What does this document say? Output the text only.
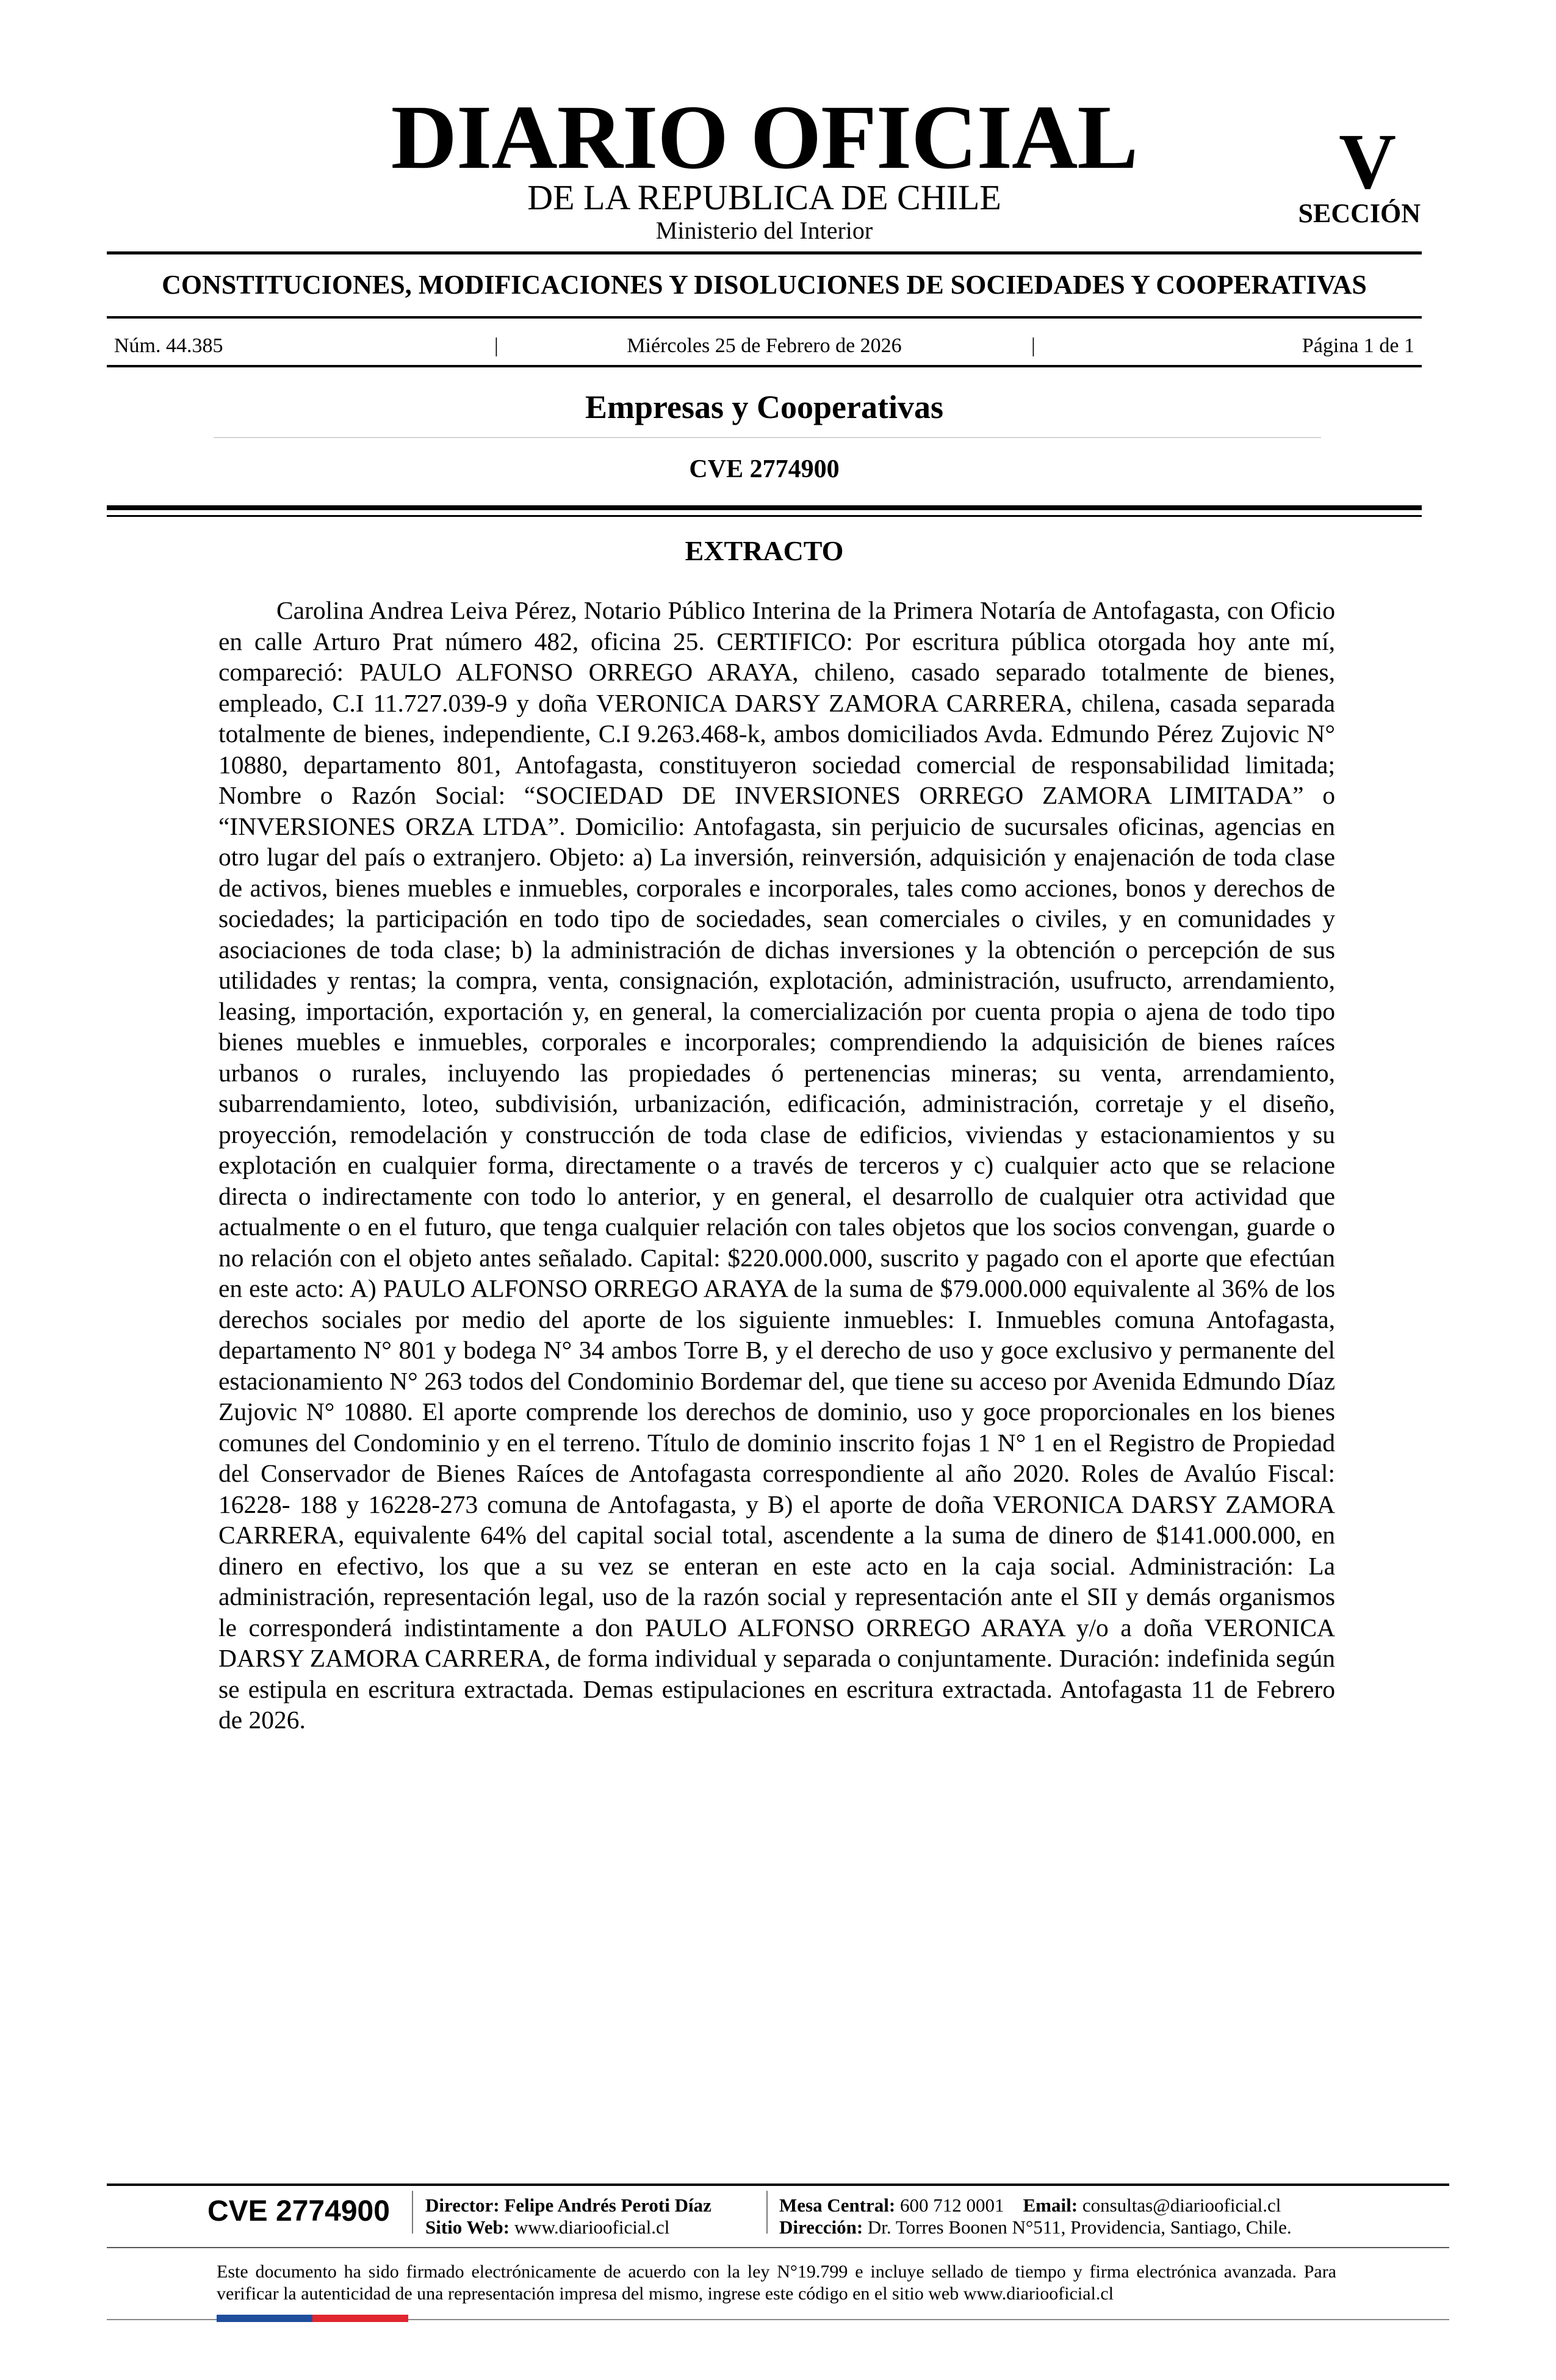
DIARIO OFICIAL
DE LA REPUBLICA DE CHILE
Ministerio del Interior
V
SECCIÓN
CONSTITUCIONES, MODIFICACIONES Y DISOLUCIONES DE SOCIEDADES Y COOPERATIVAS
Núm. 44.385	|	Miércoles 25 de Febrero de 2026	|	Página 1 de 1
Empresas y Cooperativas
CVE 2774900
EXTRACTO

Carolina Andrea Leiva Pérez, Notario Público Interina de la Primera Notaría de Antofagasta, con Oficio en calle Arturo Prat número 482, oficina 25. CERTIFICO: Por escritura pública otorgada hoy ante mí, compareció: PAULO ALFONSO ORREGO ARAYA, chileno, casado separado totalmente de bienes, empleado, C.I 11.727.039-9 y doña VERONICA DARSY ZAMORA CARRERA, chilena, casada separada totalmente de bienes, independiente, C.I 9.263.468-k, ambos domiciliados Avda. Edmundo Pérez Zujovic N° 10880, departamento 801, Antofagasta, constituyeron sociedad comercial de responsabilidad limitada; Nombre o Razón Social: “SOCIEDAD DE INVERSIONES ORREGO ZAMORA LIMITADA” o “INVERSIONES ORZA LTDA”. Domicilio: Antofagasta, sin perjuicio de sucursales oficinas, agencias en otro lugar del país o extranjero. Objeto: a) La inversión, reinversión, adquisición y enajenación de toda clase de activos, bienes muebles e inmuebles, corporales e incorporales, tales como acciones, bonos y derechos de sociedades; la participación en todo tipo de sociedades, sean comerciales o civiles, y en comunidades y asociaciones de toda clase; b) la administración de dichas inversiones y la obtención o percepción de sus utilidades y rentas; la compra, venta, consignación, explotación, administración, usufructo, arrendamiento, leasing, importación, exportación y, en general, la comercialización por cuenta propia o ajena de todo tipo bienes muebles e inmuebles, corporales e incorporales; comprendiendo la adquisición de bienes raíces urbanos o rurales, incluyendo las propiedades ó pertenencias mineras; su venta, arrendamiento, subarrendamiento, loteo, subdivisión, urbanización, edificación, administración, corretaje y el diseño, proyección, remodelación y construcción de toda clase de edificios, viviendas y estacionamientos y su explotación en cualquier forma, directamente o a través de terceros y c) cualquier acto que se relacione directa o indirectamente con todo lo anterior, y en general, el desarrollo de cualquier otra actividad que actualmente o en el futuro, que tenga cualquier relación con tales objetos que los socios convengan, guarde o no relación con el objeto antes señalado. Capital: $220.000.000, suscrito y pagado con el aporte que efectúan en este acto: A) PAULO ALFONSO ORREGO ARAYA de la suma de $79.000.000 equivalente al 36% de los derechos sociales por medio del aporte de los siguiente inmuebles: I. Inmuebles comuna Antofagasta, departamento N° 801 y bodega N° 34 ambos Torre B, y el derecho de uso y goce exclusivo y permanente del estacionamiento N° 263 todos del Condominio Bordemar del, que tiene su acceso por Avenida Edmundo Díaz Zujovic N° 10880. El aporte comprende los derechos de dominio, uso y goce proporcionales en los bienes comunes del Condominio y en el terreno. Título de dominio inscrito fojas 1 N° 1 en el Registro de Propiedad del Conservador de Bienes Raíces de Antofagasta correspondiente al año 2020. Roles de Avalúo Fiscal: 16228- 188 y 16228-273 comuna de Antofagasta, y B) el aporte de doña VERONICA DARSY ZAMORA CARRERA, equivalente 64% del capital social total, ascendente a la suma de dinero de $141.000.000, en dinero en efectivo, los que a su vez se enteran en este acto en la caja social. Administración: La administración, representación legal, uso de la razón social y representación ante el SII y demás organismos le corresponderá indistintamente a don PAULO ALFONSO ORREGO ARAYA y/o a doña VERONICA DARSY ZAMORA CARRERA, de forma individual y separada o conjuntamente. Duración: indefinida según se estipula en escritura extractada. Demas estipulaciones en escritura extractada. Antofagasta 11 de Febrero de 2026.

CVE 2774900 Director: Felipe Andrés Peroti Díaz
Sitio Web: www.diariooficial.cl
Mesa Central: 600 712 0001 Email: consultas@diariooficial.cl
Dirección: Dr. Torres Boonen N°511, Providencia, Santiago, Chile.

Este documento ha sido firmado electrónicamente de acuerdo con la ley N°19.799 e incluye sellado de tiempo y firma electrónica avanzada. Para verificar la autenticidad de una representación impresa del mismo, ingrese este código en el sitio web www.diariooficial.cl
